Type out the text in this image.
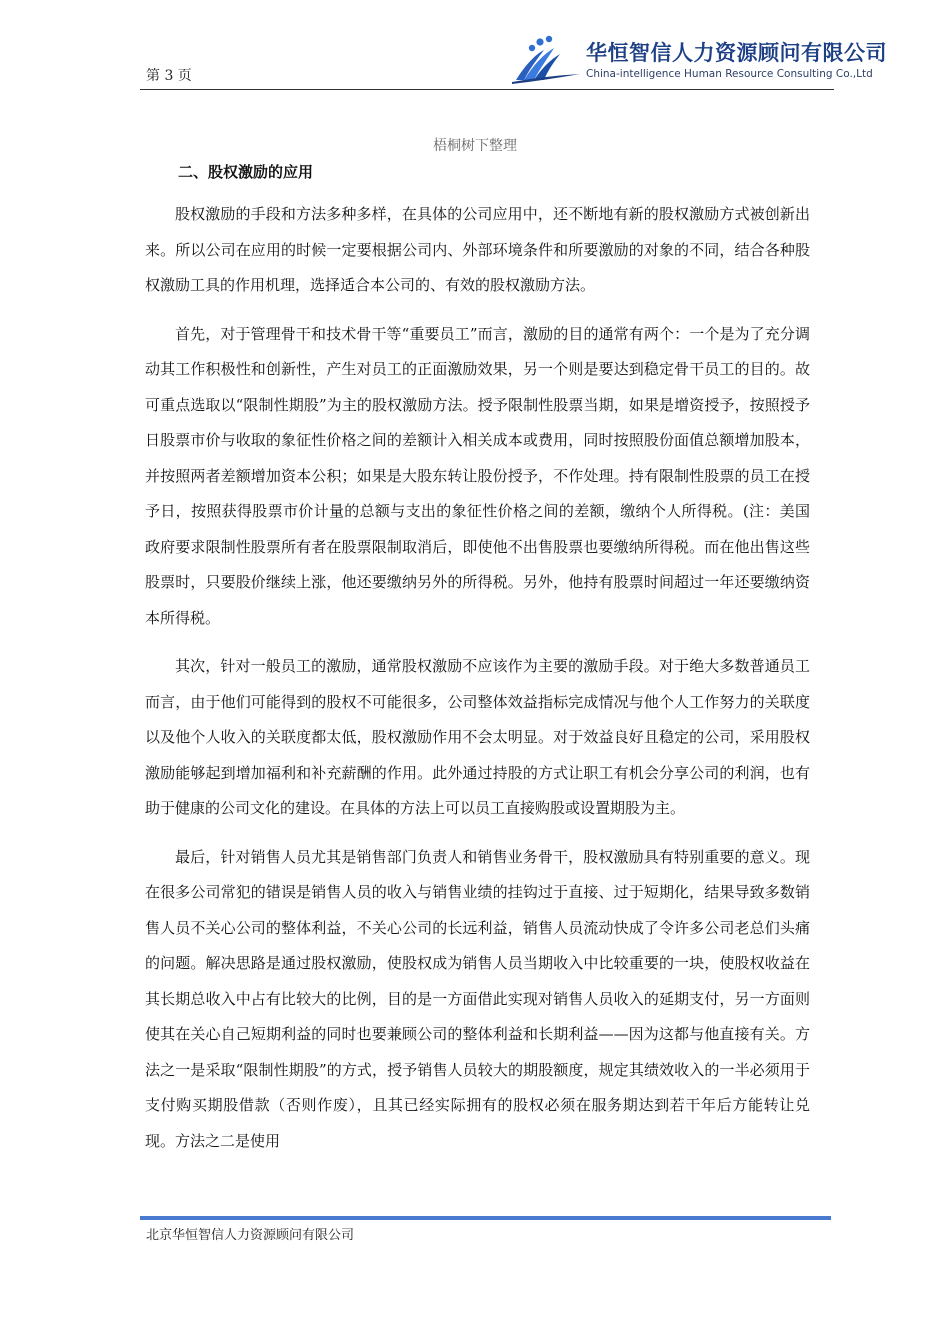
第 3 页
华恒智信人力资源顾问有限公司
China-intelligence Human Resource Consulting Co.,Ltd
梧桐树下整理
二、股权激励的应用

股权激励的手段和方法多种多样，在具体的公司应用中，还不断地有新的股权激励方式被创新出来。所以公司在应用的时候一定要根据公司内、外部环境条件和所要激励的对象的不同，结合各种股权激励工具的作用机理，选择适合本公司的、有效的股权激励方法。

首先，对于管理骨干和技术骨干等“重要员工”而言，激励的目的通常有两个：一个是为了充分调动其工作积极性和创新性，产生对员工的正面激励效果，另一个则是要达到稳定骨干员工的目的。故可重点选取以“限制性期股”为主的股权激励方法。授予限制性股票当期，如果是增资授予，按照授予日股票市价与收取的象征性价格之间的差额计入相关成本或费用，同时按照股份面值总额增加股本，并按照两者差额增加资本公积；如果是大股东转让股份授予，不作处理。持有限制性股票的员工在授予日，按照获得股票市价计量的总额与支出的象征性价格之间的差额，缴纳个人所得税。(注：美国政府要求限制性股票所有者在股票限制取消后，即使他不出售股票也要缴纳所得税。而在他出售这些股票时，只要股价继续上涨，他还要缴纳另外的所得税。另外，他持有股票时间超过一年还要缴纳资本所得税。

其次，针对一般员工的激励，通常股权激励不应该作为主要的激励手段。对于绝大多数普通员工而言，由于他们可能得到的股权不可能很多，公司整体效益指标完成情况与他个人工作努力的关联度以及他个人收入的关联度都太低，股权激励作用不会太明显。对于效益良好且稳定的公司，采用股权激励能够起到增加福利和补充薪酬的作用。此外通过持股的方式让职工有机会分享公司的利润，也有助于健康的公司文化的建设。在具体的方法上可以员工直接购股或设置期股为主。

最后，针对销售人员尤其是销售部门负责人和销售业务骨干，股权激励具有特别重要的意义。现在很多公司常犯的错误是销售人员的收入与销售业绩的挂钩过于直接、过于短期化，结果导致多数销售人员不关心公司的整体利益，不关心公司的长远利益，销售人员流动快成了令许多公司老总们头痛的问题。解决思路是通过股权激励，使股权成为销售人员当期收入中比较重要的一块，使股权收益在其长期总收入中占有比较大的比例，目的是一方面借此实现对销售人员收入的延期支付，另一方面则使其在关心自己短期利益的同时也要兼顾公司的整体利益和长期利益——因为这都与他直接有关。方法之一是采取“限制性期股”的方式，授予销售人员较大的期股额度，规定其绩效收入的一半必须用于支付购买期股借款（否则作废），且其已经实际拥有的股权必须在服务期达到若干年后方能转让兑现。方法之二是使用

北京华恒智信人力资源顾问有限公司
